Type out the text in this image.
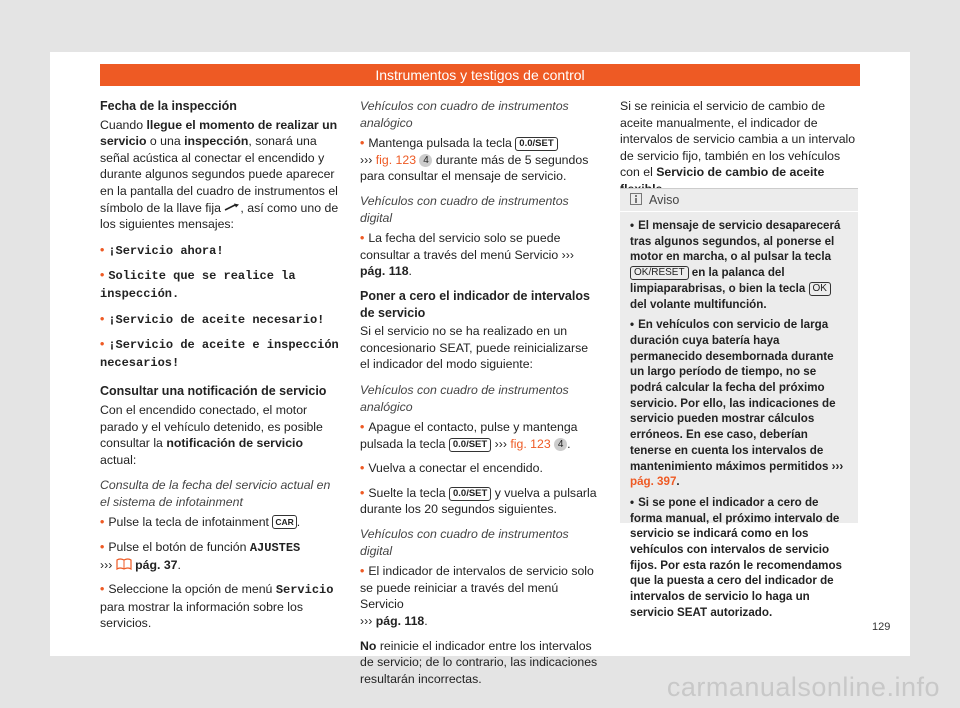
Instrumentos y testigos de control
Fecha de la inspección

Cuando llegue el momento de realizar un servicio o una inspección, sonará una señal acústica al conectar el encendido y durante algunos segundos puede aparecer en la pantalla del cuadro de instrumentos el símbolo de la llave fija , así como uno de los siguientes mensajes:

• ¡Servicio ahora!
• Solicite que se realice la inspección.
• ¡Servicio de aceite necesario!
• ¡Servicio de aceite e inspección necesarios!
Consultar una notificación de servicio

Con el encendido conectado, el motor parado y el vehículo detenido, es posible consultar la notificación de servicio actual:

Consulta de la fecha del servicio actual en el sistema de infotainment

• Pulse la tecla de infotainment CAR .
• Pulse el botón de función AJUSTES
››› pág. 37.
• Seleccione la opción de menú Servicio para mostrar la información sobre los servicios.

Vehículos con cuadro de instrumentos analógico

• Mantenga pulsada la tecla 0.0/SET
››› fig. 123 4 durante más de 5 segundos para consultar el mensaje de servicio.

Vehículos con cuadro de instrumentos digital

• La fecha del servicio solo se puede consultar a través del menú Servicio ››› pág. 118.
Poner a cero el indicador de intervalos de servicio

Si el servicio no se ha realizado en un concesionario SEAT, puede reinicializarse el indicador del modo siguiente:

Vehículos con cuadro de instrumentos analógico

• Apague el contacto, pulse y mantenga pulsada la tecla 0.0/SET ››› fig. 123 4 .
• Vuelva a conectar el encendido.
• Suelte la tecla 0.0/SET y vuelva a pulsarla durante los 20 segundos siguientes.

Vehículos con cuadro de instrumentos digital

• El indicador de intervalos de servicio solo se puede reiniciar a través del menú Servicio
››› pág. 118.

No reinicie el indicador entre los intervalos de servicio; de lo contrario, las indicaciones resultarán incorrectas.

Si se reinicia el servicio de cambio de aceite manualmente, el indicador de intervalos de servicio cambia a un intervalo de servicio fijo, también en los vehículos con el Servicio de cambio de aceite

Aviso
• El mensaje de servicio desaparecerá tras algunos segundos, al ponerse el motor en marcha, o al pulsar la tecla OK/RESET en la palanca del limpiaparabrisas, o bien la tecla OK del volante multifunción.
• En vehículos con servicio de larga duración cuya batería haya permanecido desembornada durante un largo período de tiempo, no se podrá calcular la fecha del próximo servicio. Por ello, las indicaciones de servicio pueden mostrar cálculos erróneos. En ese caso, deberían tenerse en cuenta los intervalos de mantenimiento máximos permitidos ››› pág. 397.
• Si se pone el indicador a cero de forma manual, el próximo intervalo de servicio se indicará como en los vehículos con intervalos de servicio fijos. Por esta razón le recomendamos que la puesta a cero del indicador de intervalos de servicio lo haga un servicio SEAT autorizado.
129
carmanualsonline.info
